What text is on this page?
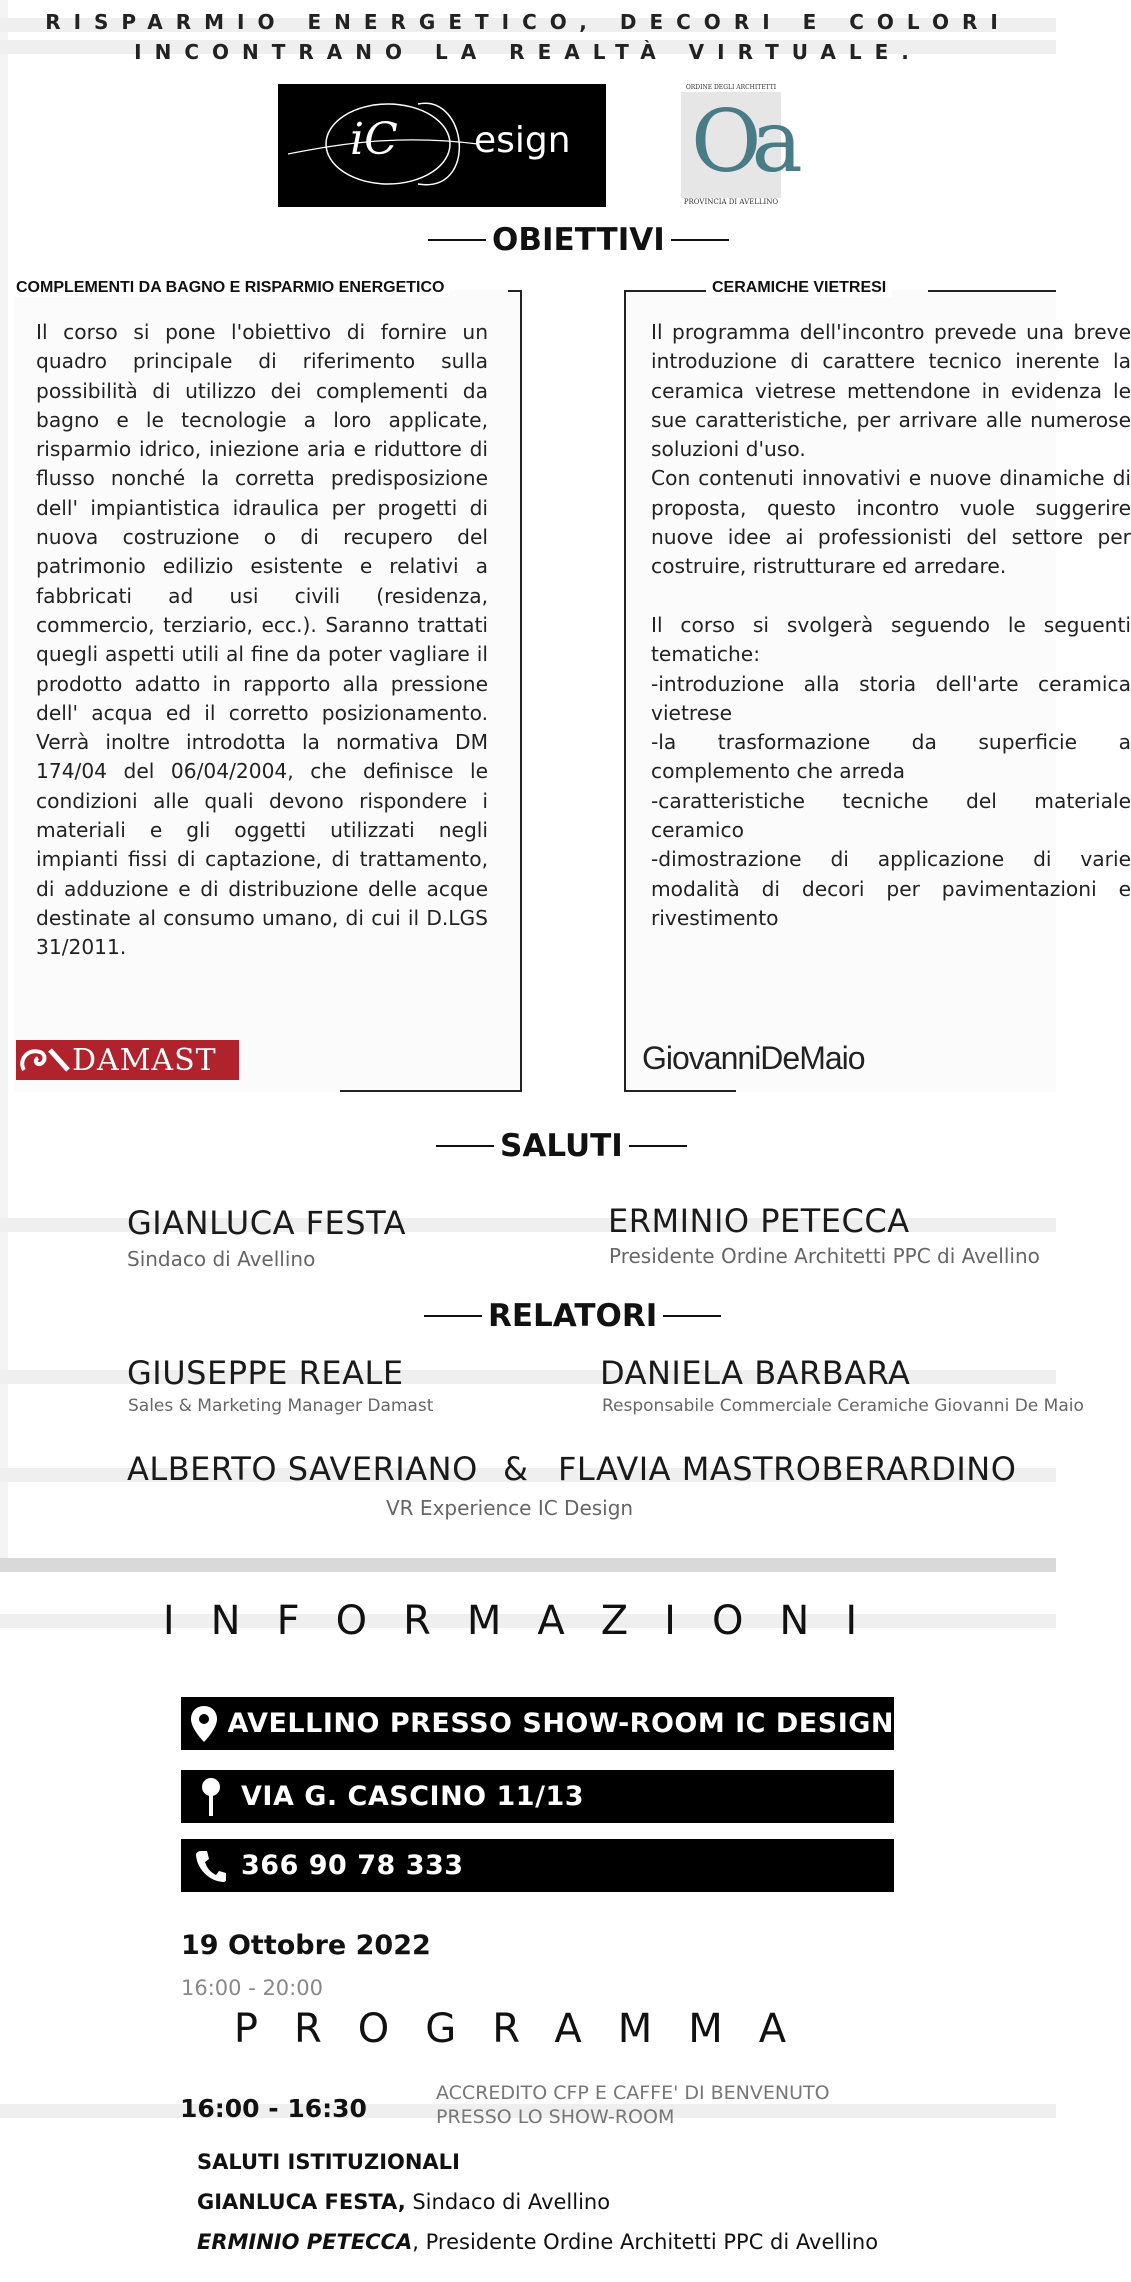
RISPARMIO ENERGETICO, DECORI E COLORI
INCONTRANO LA REALTÀ VIRTUALE.
iC esign
ORDINE DEGLI ARCHITETTI
Oa
PROVINCIA DI AVELLINO
OBIETTIVI
COMPLEMENTI DA BAGNO E RISPARMIO ENERGETICO
Il corso si pone l'obiettivo di fornire un quadro principale di riferimento sulla possibilità di utilizzo dei complementi da bagno e le tecnologie a loro applicate, risparmio idrico, iniezione aria e riduttore di flusso nonché la corretta predisposizione dell' impiantistica idraulica per progetti di nuova costruzione o di recupero del patrimonio edilizio esistente e relativi a fabbricati ad usi civili (residenza, commercio, terziario, ecc.). Saranno trattati quegli aspetti utili al fine da poter vagliare il prodotto adatto in rapporto alla pressione dell' acqua ed il corretto posizionamento. Verrà inoltre introdotta la normativa DM 174/04 del 06/04/2004, che definisce le condizioni alle quali devono rispondere i materiali e gli oggetti utilizzati negli impianti fissi di captazione, di trattamento, di adduzione e di distribuzione delle acque destinate al consumo umano, di cui il D.LGS 31/2011.
DAMAST
CERAMICHE VIETRESI
Il programma dell'incontro prevede una breve introduzione di carattere tecnico inerente la ceramica vietrese mettendone in evidenza le sue caratteristiche, per arrivare alle numerose soluzioni d'uso.
Con contenuti innovativi e nuove dinamiche di proposta, questo incontro vuole suggerire nuove idee ai professionisti del settore per costruire, ristrutturare ed arredare.

Il corso si svolgerà seguendo le seguenti tematiche:
-introduzione alla storia dell'arte ceramica vietrese
-la trasformazione da superficie a complemento che arreda
-caratteristiche tecniche del materiale ceramico
-dimostrazione di applicazione di varie modalità di decori per pavimentazioni e rivestimento
GiovanniDeMaio
SALUTI
GIANLUCA FESTA
Sindaco di Avellino
ERMINIO PETECCA
Presidente Ordine Architetti PPC di Avellino
RELATORI
GIUSEPPE REALE
Sales & Marketing Manager Damast
DANIELA BARBARA
Responsabile Commerciale Ceramiche Giovanni De Maio
ALBERTO SAVERIANO & FLAVIA MASTROBERARDINO
VR Experience IC Design
INFORMAZIONI
AVELLINO PRESSO SHOW-ROOM IC DESIGN
VIA G. CASCINO 11/13
366 90 78 333
19 Ottobre 2022
16:00 - 20:00
PROGRAMMA
16:00 - 16:30
ACCREDITO CFP E CAFFE' DI BENVENUTO
PRESSO LO SHOW-ROOM
SALUTI ISTITUZIONALI
GIANLUCA FESTA, Sindaco di Avellino
ERMINIO PETECCA, Presidente Ordine Architetti PPC di Avellino
